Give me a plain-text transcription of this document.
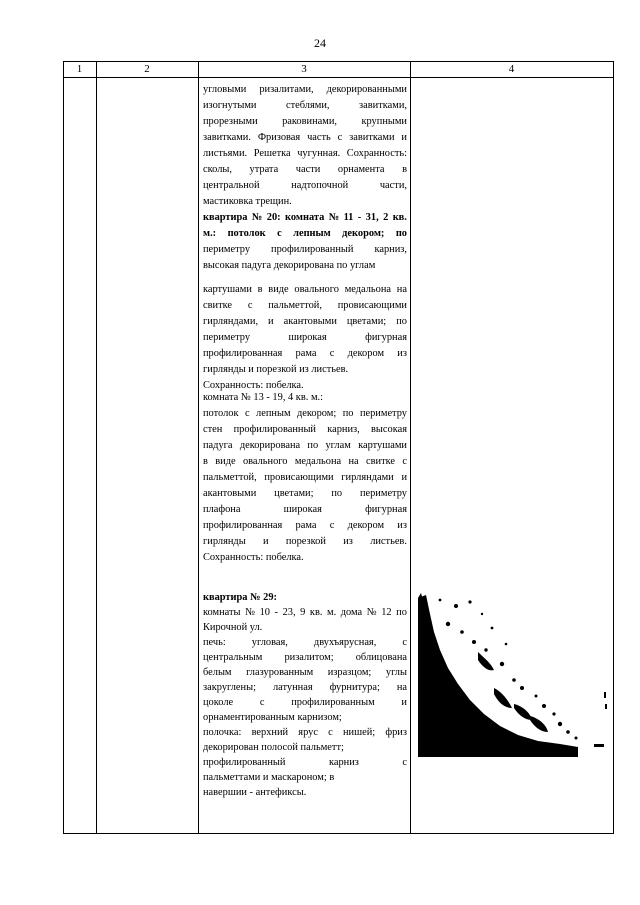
24
1	2	3	4
угловыми ризалитами, декорированными
изогнутыми	стеблями,	завитками,
прорезными раковинами, крупными
завитками. Фризовая часть с завитками и
листьями. Решетка чугунная. Сохранность:
сколы, утрата части орнамента в
центральной	надтопочной	части,
мастиковка трещин.
квартира № 20: комната № 11 - 31, 2 кв.
м.: потолок с лепным декором; по
периметру профилированный карниз,
высокая падуга декорирована по углам
картушами в виде овального медальона на
свитке с пальметтой, провисающими
гирляндами, и акантовыми цветами; по
периметру	широкая	фигурная
профилированная рама с декором из
гирлянды и порезкой из листьев.
Сохранность: побелка.
комната № 13 - 19, 4 кв. м.:
потолок с лепным декором; по периметру
стен профилированный карниз, высокая
падуга декорирована по углам картушами
в виде овального медальона на свитке с
пальметтой, провисающими гирляндами и
акантовыми цветами; по периметру
плафона	широкая	фигурная
профилированная рама с декором из
гирлянды и порезкой из листьев.
Сохранность: побелка.
квартира № 29:
комнаты № 10 - 23, 9 кв. м. дома № 12 по
Кирочной ул.
печь:	угловая,	двухъярусная,	с
центральным ризалитом; облицована
белым глазурованным изразцом; углы
закруглены; латунная фурнитура; на
цоколе	с	профилированным	и
орнаментированным карнизом;
полочка: верхний ярус с нишей; фриз
декорирован полосой пальметт;
профилированный	карниз	с
пальметтами и маскароном; в
навершии - антефиксы.
